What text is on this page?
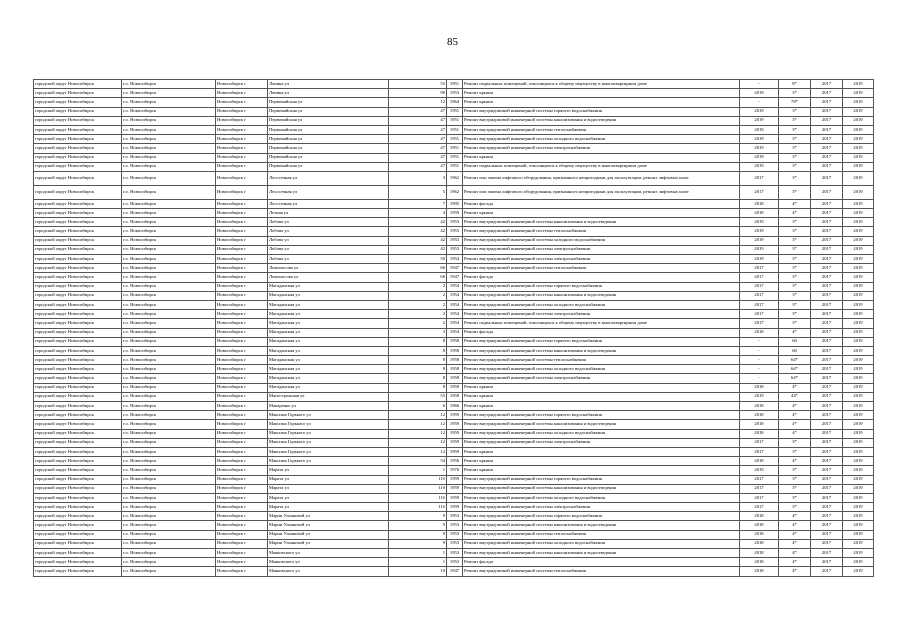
85
городской округ Новосибирск	г.о. Новосибирск	Новосибирск г	Ленина ул	55	1951	Ремонт подвальных помещений, относящихся к общему имуществу в многоквартирном доме	-	8*	2017	2019
городской округ Новосибирск	г.о. Новосибирск	Новосибирск г	Ленина ул	90	1953	Ремонт крыши	2019	3*	2017	2019
городской округ Новосибирск	г.о. Новосибирск	Новосибирск г	Первомайская ул	12	1964	Ремонт крыши	-	78*	2017	2019
городской округ Новосибирск	г.о. Новосибирск	Новосибирск г	Первомайская ул	47	1951	Ремонт внутридомовой инженерной системы горячего водоснабжения	2019	3*	2017	2019
городской округ Новосибирск	г.о. Новосибирск	Новосибирск г	Первомайская ул	47	1951	Ремонт внутридомовой инженерной системы канализования и водоотведения	2019	3*	2017	2019
городской округ Новосибирск	г.о. Новосибирск	Новосибирск г	Первомайская ул	47	1951	Ремонт внутридомовой инженерной системы теплоснабжения	2019	3*	2017	2019
городской округ Новосибирск	г.о. Новосибирск	Новосибирск г	Первомайская ул	47	1951	Ремонт внутридомовой инженерной системы холодного водоснабжения	2019	3*	2017	2019
городской округ Новосибирск	г.о. Новосибирск	Новосибирск г	Первомайская ул	47	1951	Ремонт внутридомовой инженерной системы электроснабжения	2019	3*	2017	2019
городской округ Новосибирск	г.о. Новосибирск	Новосибирск г	Первомайская ул	47	1951	Ремонт крыши	2019	3*	2017	2019
городской округ Новосибирск	г.о. Новосибирск	Новосибирск г	Первомайская ул	47	1951	Ремонт подвальных помещений, относящихся к общему имуществу в многоквартирном доме	2019	3*	2017	2019
городской округ Новосибирск	г.о. Новосибирск	Новосибирск г	Лесосечная ул	3	1962	Ремонт или замена лифтового оборудования, признанного непригодным для эксплуатации, ремонт лифтовых шахт	2017	3*	2017	2019
городской округ Новосибирск	г.о. Новосибирск	Новосибирск г	Лесосечная ул	5	1962	Ремонт или замена лифтового оборудования, признанного непригодным для эксплуатации, ремонт лифтовых шахт	2017	3*	2017	2019
городской округ Новосибирск	г.о. Новосибирск	Новосибирск г	Лесосечная ул	7	1995	Ремонт фасада	2018	4*	2017	2019
городской округ Новосибирск	г.о. Новосибирск	Новосибирск г	Летная ул	4	1959	Ремонт крыши	2018	4*	2017	2019
городской округ Новосибирск	г.о. Новосибирск	Новосибирск г	Лобова ул	42	1953	Ремонт внутридомовой инженерной системы канализования и водоотведения	2019	3*	2017	2019
городской округ Новосибирск	г.о. Новосибирск	Новосибирск г	Лобова ул	42	1953	Ремонт внутридомовой инженерной системы теплоснабжения	2019	3*	2017	2019
городской округ Новосибирск	г.о. Новосибирск	Новосибирск г	Лобова ул	42	1953	Ремонт внутридомовой инженерной системы холодного водоснабжения	2019	3*	2017	2019
городской округ Новосибирск	г.о. Новосибирск	Новосибирск г	Лобова ул	42	1953	Ремонт внутридомовой инженерной системы электроснабжения	2019	3*	2017	2019
городской округ Новосибирск	г.о. Новосибирск	Новосибирск г	Лобова ул	50	1954	Ремонт внутридомовой инженерной системы электроснабжения	2019	3*	2017	2019
городской округ Новосибирск	г.о. Новосибирск	Новосибирск г	Ломоносова ул	66	1947	Ремонт внутридомовой инженерной системы теплоснабжения	2017	3*	2017	2019
городской округ Новосибирск	г.о. Новосибирск	Новосибирск г	Ломоносова ул	66	1947	Ремонт фасада	2017	3*	2017	2019
городской округ Новосибирск	г.о. Новосибирск	Новосибирск г	Магаданская ул	2	1954	Ремонт внутридомовой инженерной системы горячего водоснабжения	2017	3*	2017	2019
городской округ Новосибирск	г.о. Новосибирск	Новосибирск г	Магаданская ул	2	1954	Ремонт внутридомовой инженерной системы канализования и водоотведения	2017	3*	2017	2019
городской округ Новосибирск	г.о. Новосибирск	Новосибирск г	Магаданская ул	2	1954	Ремонт внутридомовой инженерной системы холодного водоснабжения	2017	3*	2017	2019
городской округ Новосибирск	г.о. Новосибирск	Новосибирск г	Магаданская ул	2	1954	Ремонт внутридомовой инженерной системы электроснабжения	2017	3*	2017	2019
городской округ Новосибирск	г.о. Новосибирск	Новосибирск г	Магаданская ул	2	1954	Ремонт подвальных помещений, относящихся к общему имуществу в многоквартирном доме	2017	3*	2017	2019
городской округ Новосибирск	г.о. Новосибирск	Новосибирск г	Магаданская ул	3	1954	Ремонт фасада	2018	4*	2017	2019
городской округ Новосибирск	г.о. Новосибирск	Новосибирск г	Магаданская ул	8	1958	Ремонт внутридомовой инженерной системы горячего водоснабжения	-	60	2017	2019
городской округ Новосибирск	г.о. Новосибирск	Новосибирск г	Магаданская ул	8	1958	Ремонт внутридомовой инженерной системы канализования и водоотведения	-	60	2017	2019
городской округ Новосибирск	г.о. Новосибирск	Новосибирск г	Магаданская ул	8	1958	Ремонт внутридомовой инженерной системы теплоснабжения	-	64*	2017	2019
городской округ Новосибирск	г.о. Новосибирск	Новосибирск г	Магаданская ул	8	1958	Ремонт внутридомовой инженерной системы холодного водоснабжения	-	64*	2017	2019
городской округ Новосибирск	г.о. Новосибирск	Новосибирск г	Магаданская ул	8	1958	Ремонт внутридомовой инженерной системы электроснабжения	-	64*	2017	2019
городской округ Новосибирск	г.о. Новосибирск	Новосибирск г	Магаданская ул	8	1958	Ремонт крыши	2018	4*	2017	2019
городской округ Новосибирск	г.о. Новосибирск	Новосибирск г	Магистральная ул	55	1958	Ремонт крыши	2019	44*	2017	2019
городской округ Новосибирск	г.о. Новосибирск	Новосибирск г	Макаренко ул	6	1966	Ремонт крыши	2018	4*	2017	2019
городской округ Новосибирск	г.о. Новосибирск	Новосибирск г	Максима Горького ул	12	1959	Ремонт внутридомовой инженерной системы горячего водоснабжения	2018	4*	2017	2019
городской округ Новосибирск	г.о. Новосибирск	Новосибирск г	Максима Горького ул	12	1959	Ремонт внутридомовой инженерной системы канализования и водоотведения	2018	4*	2017	2019
городской округ Новосибирск	г.о. Новосибирск	Новосибирск г	Максима Горького ул	12	1959	Ремонт внутридомовой инженерной системы холодного водоснабжения	2018	4*	2017	2019
городской округ Новосибирск	г.о. Новосибирск	Новосибирск г	Максима Горького ул	12	1959	Ремонт внутридомовой инженерной системы электроснабжения	2017	3*	2017	2019
городской округ Новосибирск	г.о. Новосибирск	Новосибирск г	Максима Горького ул	12	1959	Ремонт крыши	2017	3*	2017	2019
городской округ Новосибирск	г.о. Новосибирск	Новосибирск г	Максима Горького ул	54	1956	Ремонт крыши	2018	4*	2017	2019
городской округ Новосибирск	г.о. Новосибирск	Новосибирск г	Марата ул	1	1976	Ремонт крыши	2019	3*	2017	2019
городской округ Новосибирск	г.о. Новосибирск	Новосибирск г	Марата ул	11б	1959	Ремонт внутридомовой инженерной системы горячего водоснабжения	2017	3*	2017	2019
городской округ Новосибирск	г.о. Новосибирск	Новосибирск г	Марата ул	11б	1959	Ремонт внутридомовой инженерной системы канализования и водоотведения	2017	3*	2017	2019
городской округ Новосибирск	г.о. Новосибирск	Новосибирск г	Марата ул	11б	1959	Ремонт внутридомовой инженерной системы холодного водоснабжения	2017	3*	2017	2019
городской округ Новосибирск	г.о. Новосибирск	Новосибирск г	Марата ул	11б	1959	Ремонт внутридомовой инженерной системы электроснабжения	2017	3*	2017	2019
городской округ Новосибирск	г.о. Новосибирск	Новосибирск г	Марии Ульяновой ул	9	1953	Ремонт внутридомовой инженерной системы горячего водоснабжения	2018	4*	2017	2019
городской округ Новосибирск	г.о. Новосибирск	Новосибирск г	Марии Ульяновой ул	9	1953	Ремонт внутридомовой инженерной системы канализования и водоотведения	2018	4*	2017	2019
городской округ Новосибирск	г.о. Новосибирск	Новосибирск г	Марии Ульяновой ул	9	1953	Ремонт внутридомовой инженерной системы теплоснабжения	2018	4*	2017	2019
городской округ Новосибирск	г.о. Новосибирск	Новосибирск г	Марии Ульяновой ул	9	1953	Ремонт внутридомовой инженерной системы холодного водоснабжения	2018	4*	2017	2019
городской округ Новосибирск	г.о. Новосибирск	Новосибирск г	Маяковского ул	1	1953	Ремонт внутридомовой инженерной системы канализования и водоотведения	2018	4*	2017	2019
городской округ Новосибирск	г.о. Новосибирск	Новосибирск г	Маяковского ул	1	1953	Ремонт фасада	2018	4*	2017	2019
городской округ Новосибирск	г.о. Новосибирск	Новосибирск г	Маяковского ул	10	1947	Ремонт внутридомовой инженерной системы теплоснабжения	2018	4*	2017	2019
